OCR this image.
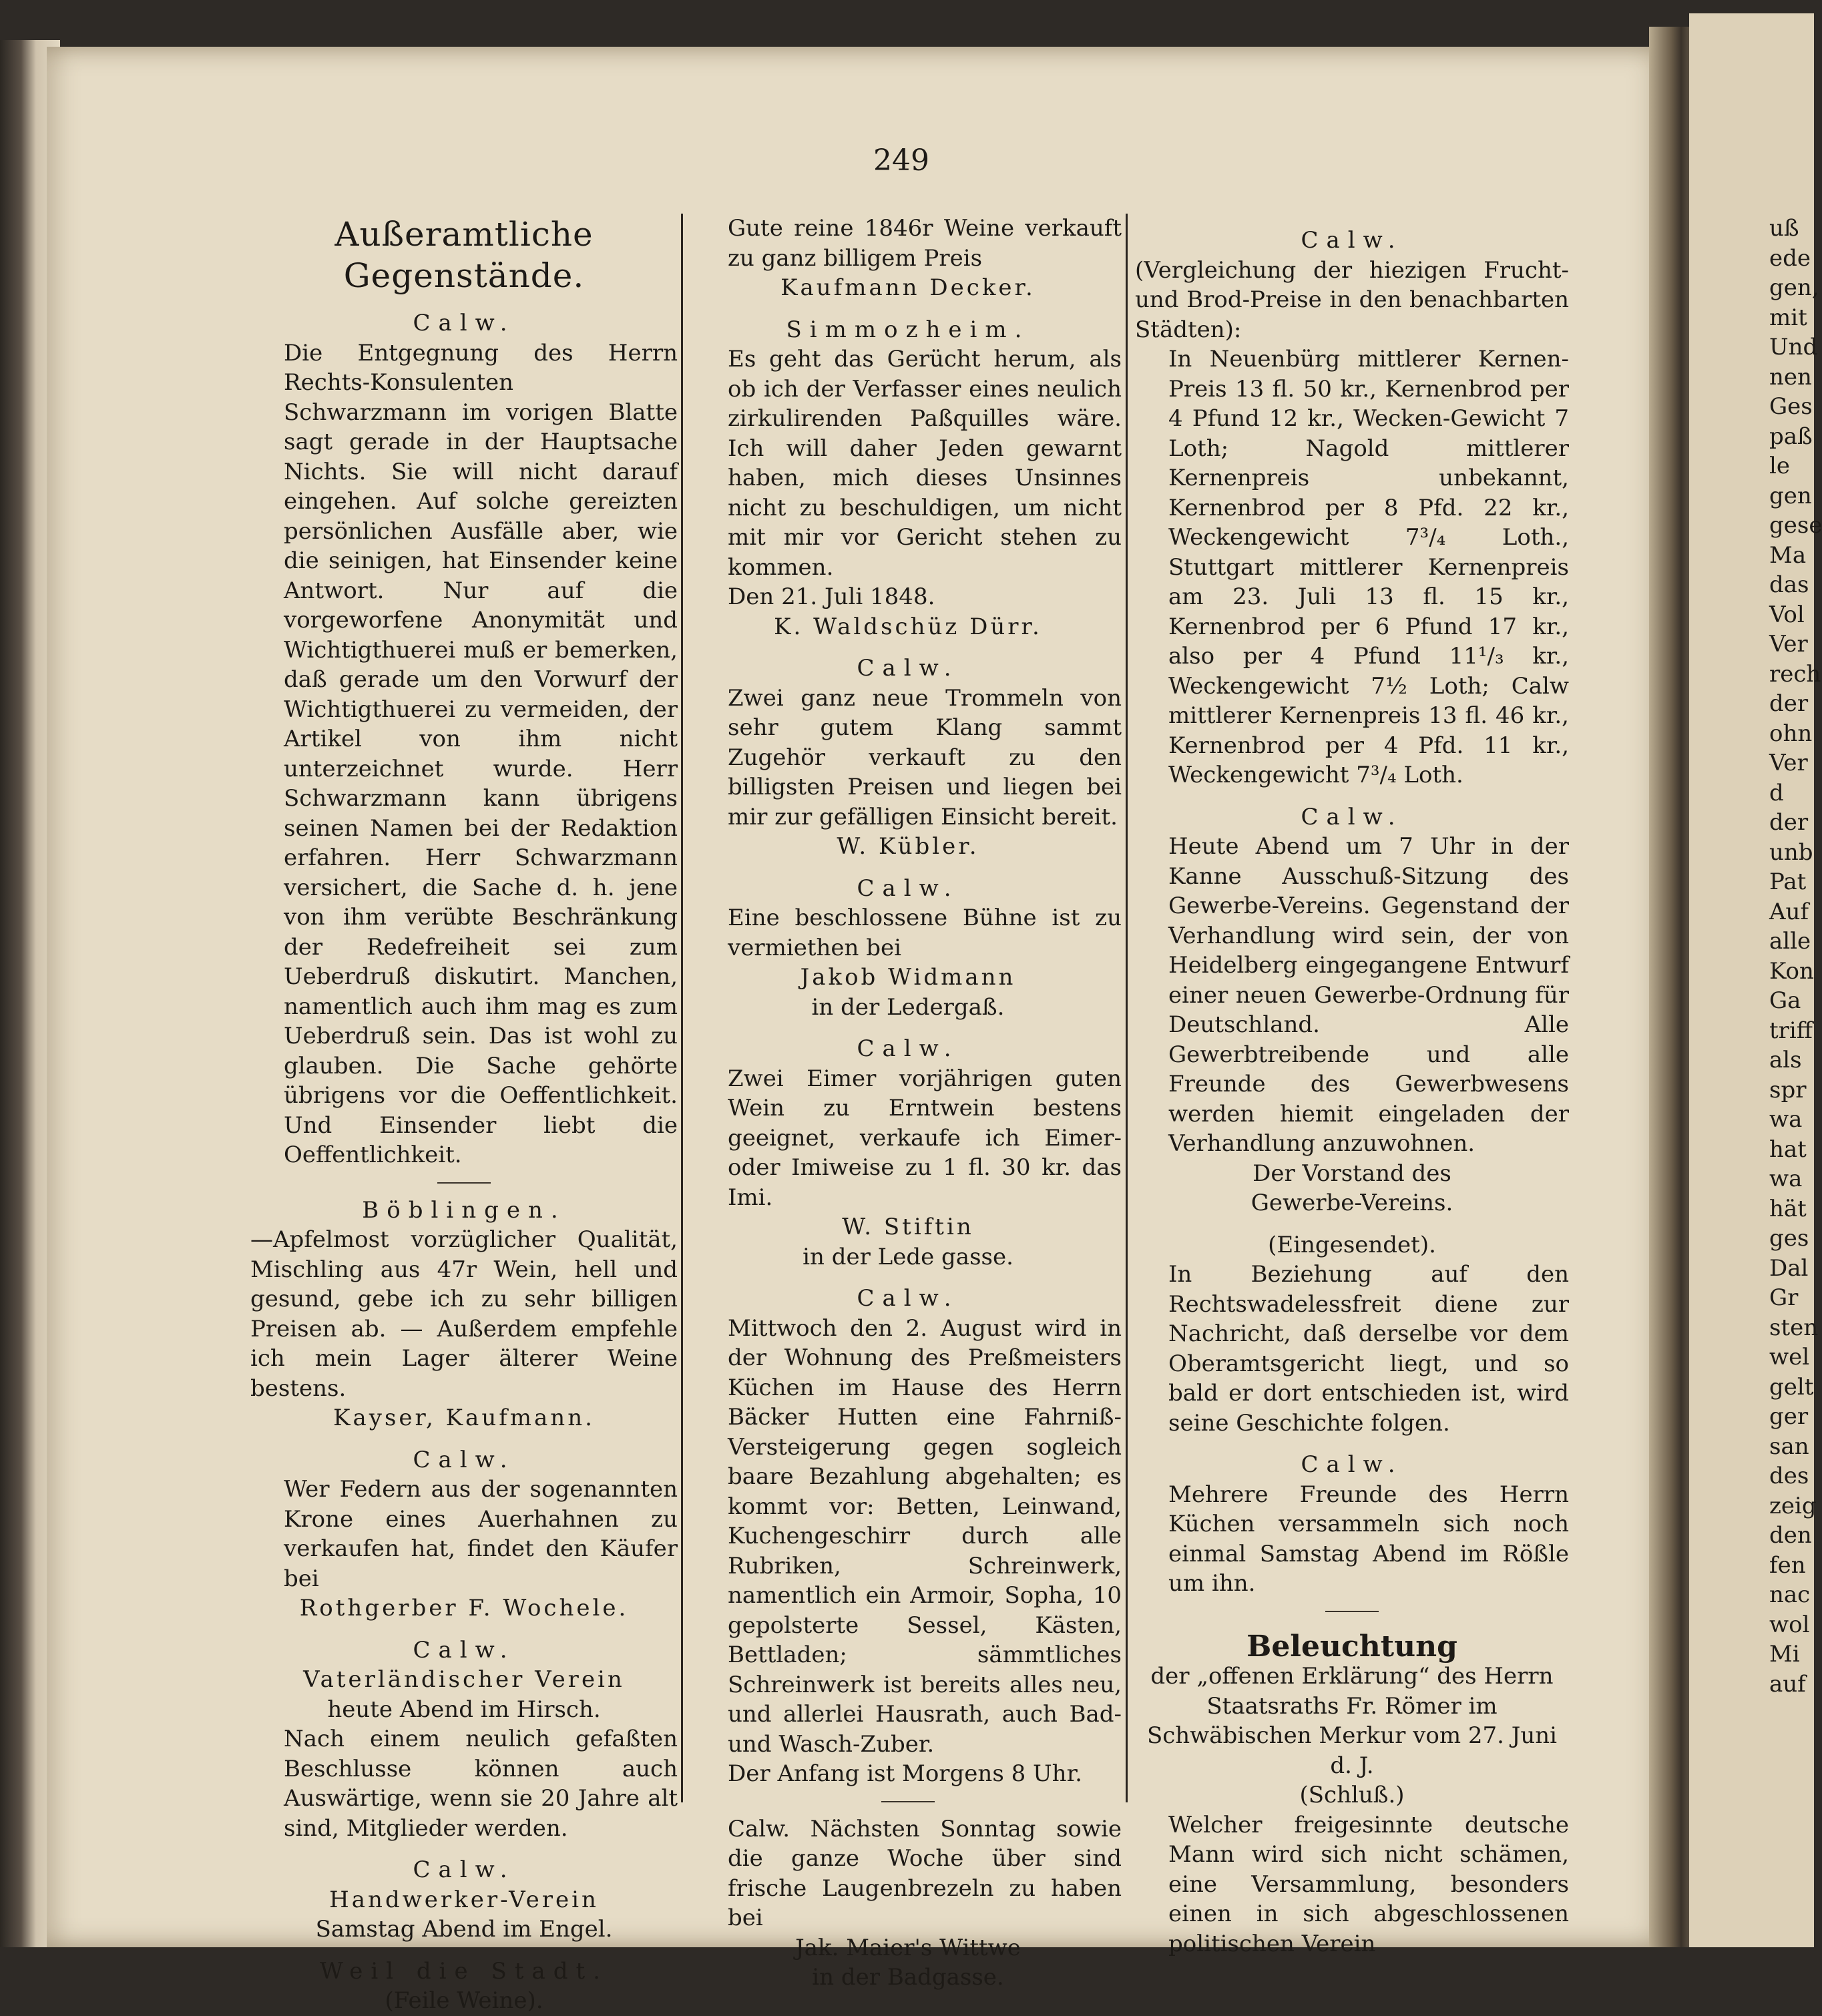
249
Außeramtliche Gegenstände.
Calw.

Die Entgegnung des Herrn Rechts-Konsulenten Schwarzmann im vorigen Blatte sagt gerade in der Hauptsache Nichts. Sie will nicht darauf eingehen. Auf solche gereizten persönlichen Ausfälle aber, wie die seinigen, hat Einsender keine Antwort. Nur auf die vorgeworfene Anonymität und Wichtigthuerei muß er bemerken, daß gerade um den Vorwurf der Wichtigthuerei zu vermeiden, der Artikel von ihm nicht unterzeichnet wurde. Herr Schwarzmann kann übrigens seinen Namen bei der Redaktion erfahren. Herr Schwarzmann versichert, die Sache d. h. jene von ihm verübte Beschränkung der Redefreiheit sei zum Ueberdruß diskutirt. Manchen, namentlich auch ihm mag es zum Ueberdruß sein. Das ist wohl zu glauben. Die Sache gehörte übrigens vor die Oeffentlichkeit. Und Einsender liebt die Oeffentlichkeit.

Böblingen.

—Apfelmost vorzüglicher Qualität, Mischling aus 47r Wein, hell und gesund, gebe ich zu sehr billigen Preisen ab. — Außerdem empfehle ich mein Lager älterer Weine bestens.

Kayser, Kaufmann.
Calw.

Wer Federn aus der sogenannten Krone eines Auerhahnen zu verkaufen hat, findet den Käufer bei

Rothgerber F. Wochele.
Calw.
Vaterländischer Verein
heute Abend im Hirsch.

Nach einem neulich gefaßten Beschlusse können auch Auswärtige, wenn sie 20 Jahre alt sind, Mitglieder werden.

Calw.
Handwerker-Verein
Samstag Abend im Engel.
Weil die Stadt.
(Feile Weine).

Gute reine 1846r Weine verkauft zu ganz billigem Preis

Kaufmann Decker.
Simmozheim.

Es geht das Gerücht herum, als ob ich der Verfasser eines neulich zirkulirenden Paßquilles wäre. Ich will daher Jeden gewarnt haben, mich dieses Unsinnes nicht zu beschuldigen, um nicht mit mir vor Gericht stehen zu kommen.

Den 21. Juli 1848.
K. Waldschüz Dürr.
Calw.

Zwei ganz neue Trommeln von sehr gutem Klang sammt Zugehör verkauft zu den billigsten Preisen und liegen bei mir zur gefälligen Einsicht bereit.

W. Kübler.
Calw.

Eine beschlossene Bühne ist zu vermiethen bei

Jakob Widmann
in der Ledergaß.
Calw.

Zwei Eimer vorjährigen guten Wein zu Erntwein bestens geeignet, verkaufe ich Eimer- oder Imiweise zu 1 fl. 30 kr. das Imi.

W. Stiftin
in der Lede gasse.
Calw.

Mittwoch den 2. August wird in der Wohnung des Preßmeisters Küchen im Hause des Herrn Bäcker Hutten eine Fahrniß-Versteigerung gegen sogleich baare Bezahlung abgehalten; es kommt vor: Betten, Leinwand, Kuchengeschirr durch alle Rubriken, Schreinwerk, namentlich ein Armoir, Sopha, 10 gepolsterte Sessel, Kästen, Bettladen; sämmtliches Schreinwerk ist bereits alles neu, und allerlei Hausrath, auch Bad- und Wasch-Zuber.

Der Anfang ist Morgens 8 Uhr.

Calw. Nächsten Sonntag sowie die ganze Woche über sind frische Laugenbrezeln zu haben bei

Jak. Maier's Wittwe
in der Badgasse.
Calw.

(Vergleichung der hiezigen Frucht- und Brod-Preise in den benachbarten Städten):

In Neuenbürg mittlerer Kernen-Preis 13 fl. 50 kr., Kernenbrod per 4 Pfund 12 kr., Wecken-Gewicht 7 Loth; Nagold mittlerer Kernenpreis unbekannt, Kernenbrod per 8 Pfd. 22 kr., Weckengewicht 7³/₄ Loth., Stuttgart mittlerer Kernenpreis am 23. Juli 13 fl. 15 kr., Kernenbrod per 6 Pfund 17 kr., also per 4 Pfund 11¹/₃ kr., Weckengewicht 7½ Loth; Calw mittlerer Kernenpreis 13 fl. 46 kr., Kernenbrod per 4 Pfd. 11 kr., Weckengewicht 7³/₄ Loth.

Calw.

Heute Abend um 7 Uhr in der Kanne Ausschuß-Sitzung des Gewerbe-Vereins. Gegenstand der Verhandlung wird sein, der von Heidelberg eingegangene Entwurf einer neuen Gewerbe-Ordnung für Deutschland. Alle Gewerbtreibende und alle Freunde des Gewerbwesens werden hiemit eingeladen der Verhandlung anzuwohnen.

Der Vorstand des
Gewerbe-Vereins.
(Eingesendet).

In Beziehung auf den Rechtswadelessfreit diene zur Nachricht, daß derselbe vor dem Oberamtsgericht liegt, und so bald er dort entschieden ist, wird seine Geschichte folgen.

Calw.

Mehrere Freunde des Herrn Küchen versammeln sich noch einmal Samstag Abend im Rößle um ihn.

Beleuchtung

der „offenen Erklärung“ des Herrn Staatsraths Fr. Römer im Schwäbischen Merkur vom 27. Juni d. J.

(Schluß.)

Welcher freigesinnte deutsche Mann wird sich nicht schämen, eine Versammlung, besonders einen in sich abgeschlossenen politischen Verein

uß
ede
gen,
mit
Und
nen
Ges
paß
le
gen
gese
Ma
das
Vol
Ver
rech
der
ohn
Ver
d
der
unb
Pat
Auf
alle
Kon
Ga
triff
als
spr
wa
hat
wa
hät
ges
Dal
Gr
sten
wel
gelt
ger
san
des
zeig
den
fen
nac
wol
Mi
auf
